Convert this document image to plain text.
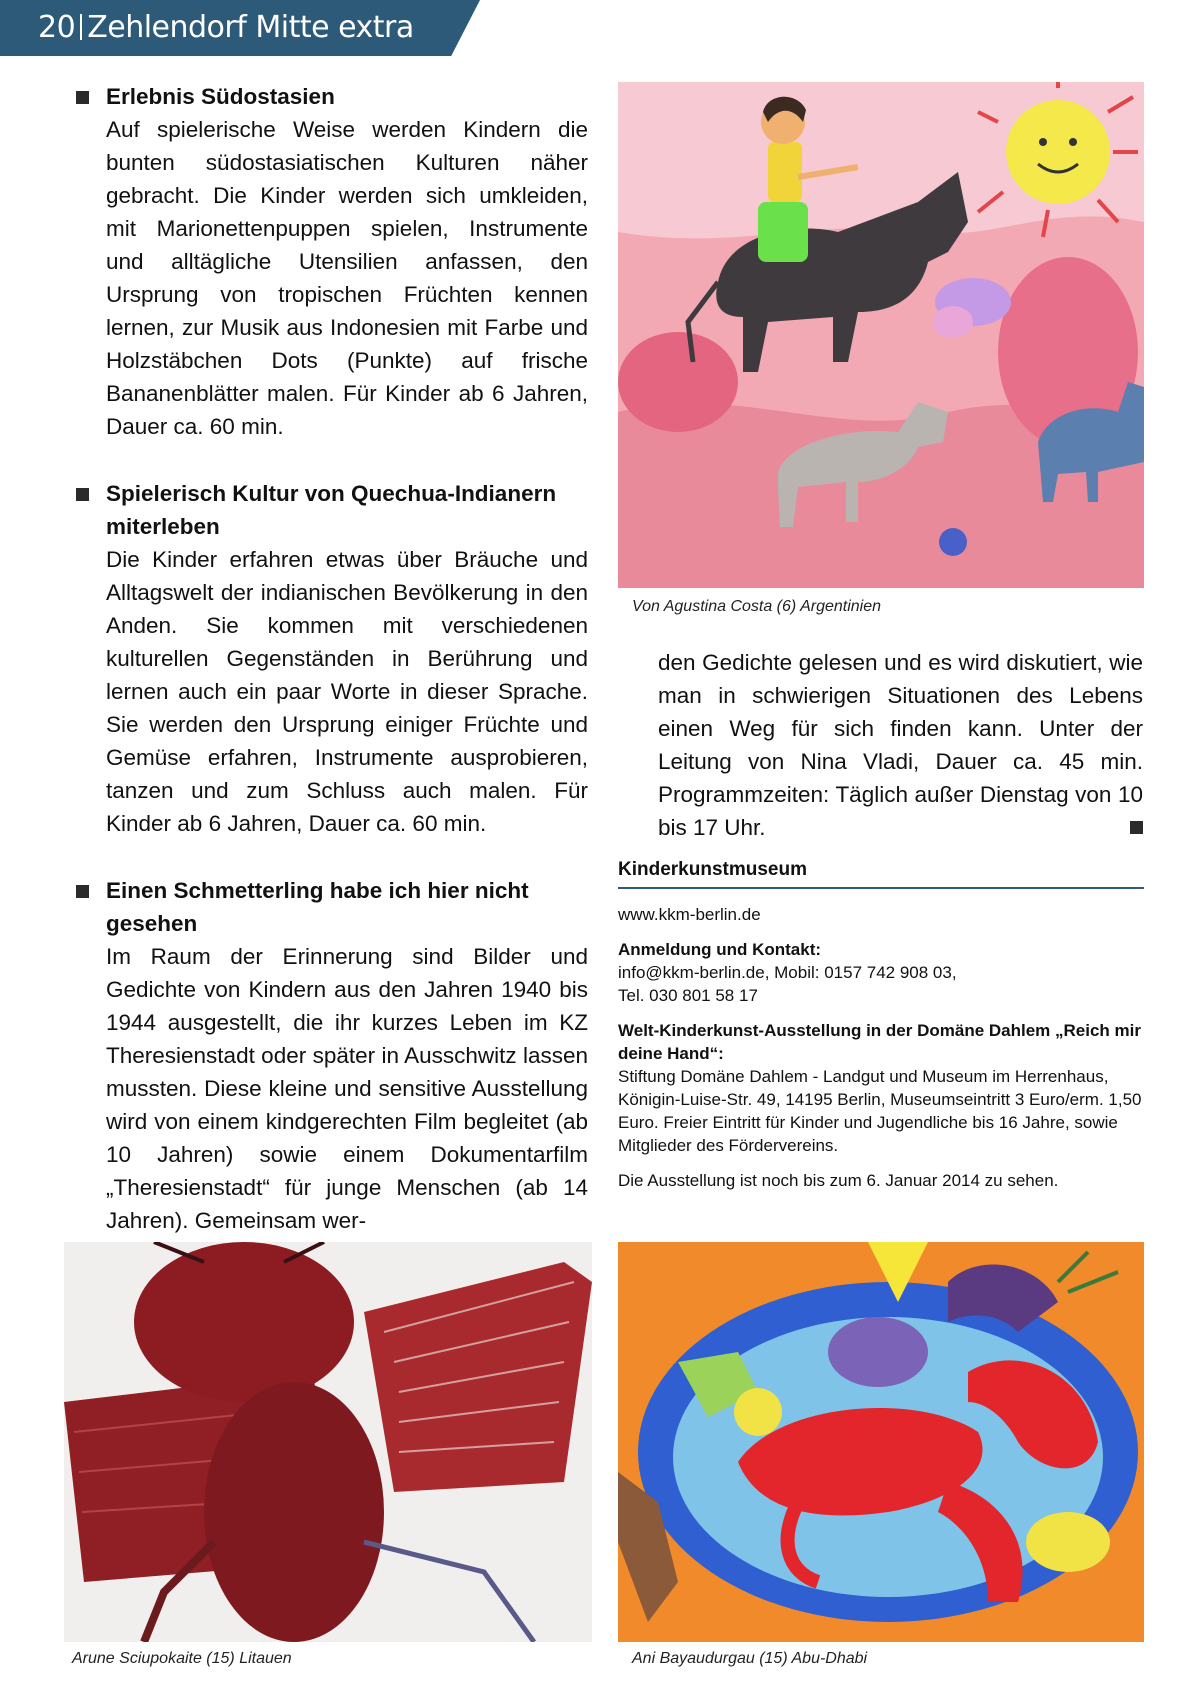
20 Zehlendorf Mitte extra
Erlebnis Südostasien
Auf spielerische Weise werden Kindern die bunten südostasiatischen Kulturen näher gebracht. Die Kinder werden sich umkleiden, mit Marionettenpuppen spielen, Instrumente und alltägliche Utensilien anfassen, den Ursprung von tropischen Früchten kennen lernen, zur Musik aus Indonesien mit Farbe und Holzstäbchen Dots (Punkte) auf frische Bananenblätter malen. Für Kinder ab 6 Jahren, Dauer ca. 60 min.
Spielerisch Kultur von Quechua-Indianern miterleben
Die Kinder erfahren etwas über Bräuche und Alltagswelt der indianischen Bevölkerung in den Anden. Sie kommen mit verschiedenen kulturellen Gegenständen in Berührung und lernen auch ein paar Worte in dieser Sprache. Sie werden den Ursprung einiger Früchte und Gemüse erfahren, Instrumente ausprobieren, tanzen und zum Schluss auch malen. Für Kinder ab 6 Jahren, Dauer ca. 60 min.
Einen Schmetterling habe ich hier nicht gesehen
Im Raum der Erinnerung sind Bilder und Gedichte von Kindern aus den Jahren 1940 bis 1944 ausgestellt, die ihr kurzes Leben im KZ Theresienstadt oder später in Ausschwitz lassen mussten. Diese kleine und sensitive Ausstellung wird von einem kindgerechten Film begleitet (ab 10 Jahren) sowie einem Dokumentarfilm „Theresienstadt“ für junge Menschen (ab 14 Jahren). Gemeinsam wer-
Von Agustina Costa (6) Argentinien
den Gedichte gelesen und es wird diskutiert, wie man in schwierigen Situationen des Lebens einen Weg für sich finden kann. Unter der Leitung von Nina Vladi, Dauer ca. 45 min. Programmzeiten: Täglich außer Dienstag von 10 bis 17 Uhr.
Kinderkunstmuseum

www.kkm-berlin.de

Anmeldung und Kontakt:
info@kkm-berlin.de, Mobil: 0157 742 908 03,
Tel. 030 801 58 17

Welt-Kinderkunst-Ausstellung in der Domäne Dahlem „Reich mir deine Hand“:
Stiftung Domäne Dahlem - Landgut und Museum im Herrenhaus, Königin-Luise-Str. 49, 14195 Berlin, Museumseintritt 3 Euro/erm. 1,50 Euro. Freier Eintritt für Kinder und Jugendliche bis 16 Jahre, sowie Mitglieder des Fördervereins.

Die Ausstellung ist noch bis zum 6. Januar 2014 zu sehen.

Arune Sciupokaite (15) Litauen	Ani Bayaudurgau (15) Abu-Dhabi
